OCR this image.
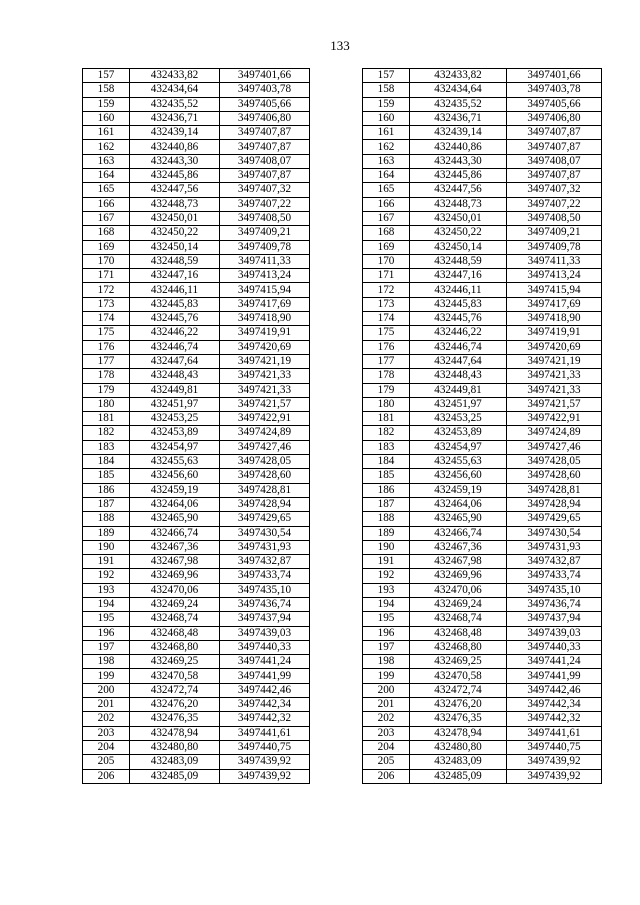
133
157	432433,82	3497401,66		157	432433,82	3497401,66
158	432434,64	3497403,78		158	432434,64	3497403,78
159	432435,52	3497405,66		159	432435,52	3497405,66
160	432436,71	3497406,80		160	432436,71	3497406,80
161	432439,14	3497407,87		161	432439,14	3497407,87
162	432440,86	3497407,87		162	432440,86	3497407,87
163	432443,30	3497408,07		163	432443,30	3497408,07
164	432445,86	3497407,87		164	432445,86	3497407,87
165	432447,56	3497407,32		165	432447,56	3497407,32
166	432448,73	3497407,22		166	432448,73	3497407,22
167	432450,01	3497408,50		167	432450,01	3497408,50
168	432450,22	3497409,21		168	432450,22	3497409,21
169	432450,14	3497409,78		169	432450,14	3497409,78
170	432448,59	3497411,33		170	432448,59	3497411,33
171	432447,16	3497413,24		171	432447,16	3497413,24
172	432446,11	3497415,94		172	432446,11	3497415,94
173	432445,83	3497417,69		173	432445,83	3497417,69
174	432445,76	3497418,90		174	432445,76	3497418,90
175	432446,22	3497419,91		175	432446,22	3497419,91
176	432446,74	3497420,69		176	432446,74	3497420,69
177	432447,64	3497421,19		177	432447,64	3497421,19
178	432448,43	3497421,33		178	432448,43	3497421,33
179	432449,81	3497421,33		179	432449,81	3497421,33
180	432451,97	3497421,57		180	432451,97	3497421,57
181	432453,25	3497422,91		181	432453,25	3497422,91
182	432453,89	3497424,89		182	432453,89	3497424,89
183	432454,97	3497427,46		183	432454,97	3497427,46
184	432455,63	3497428,05		184	432455,63	3497428,05
185	432456,60	3497428,60		185	432456,60	3497428,60
186	432459,19	3497428,81		186	432459,19	3497428,81
187	432464,06	3497428,94		187	432464,06	3497428,94
188	432465,90	3497429,65		188	432465,90	3497429,65
189	432466,74	3497430,54		189	432466,74	3497430,54
190	432467,36	3497431,93		190	432467,36	3497431,93
191	432467,98	3497432,87		191	432467,98	3497432,87
192	432469,96	3497433,74		192	432469,96	3497433,74
193	432470,06	3497435,10		193	432470,06	3497435,10
194	432469,24	3497436,74		194	432469,24	3497436,74
195	432468,74	3497437,94		195	432468,74	3497437,94
196	432468,48	3497439,03		196	432468,48	3497439,03
197	432468,80	3497440,33		197	432468,80	3497440,33
198	432469,25	3497441,24		198	432469,25	3497441,24
199	432470,58	3497441,99		199	432470,58	3497441,99
200	432472,74	3497442,46		200	432472,74	3497442,46
201	432476,20	3497442,34		201	432476,20	3497442,34
202	432476,35	3497442,32		202	432476,35	3497442,32
203	432478,94	3497441,61		203	432478,94	3497441,61
204	432480,80	3497440,75		204	432480,80	3497440,75
205	432483,09	3497439,92		205	432483,09	3497439,92
206	432485,09	3497439,92		206	432485,09	3497439,92
